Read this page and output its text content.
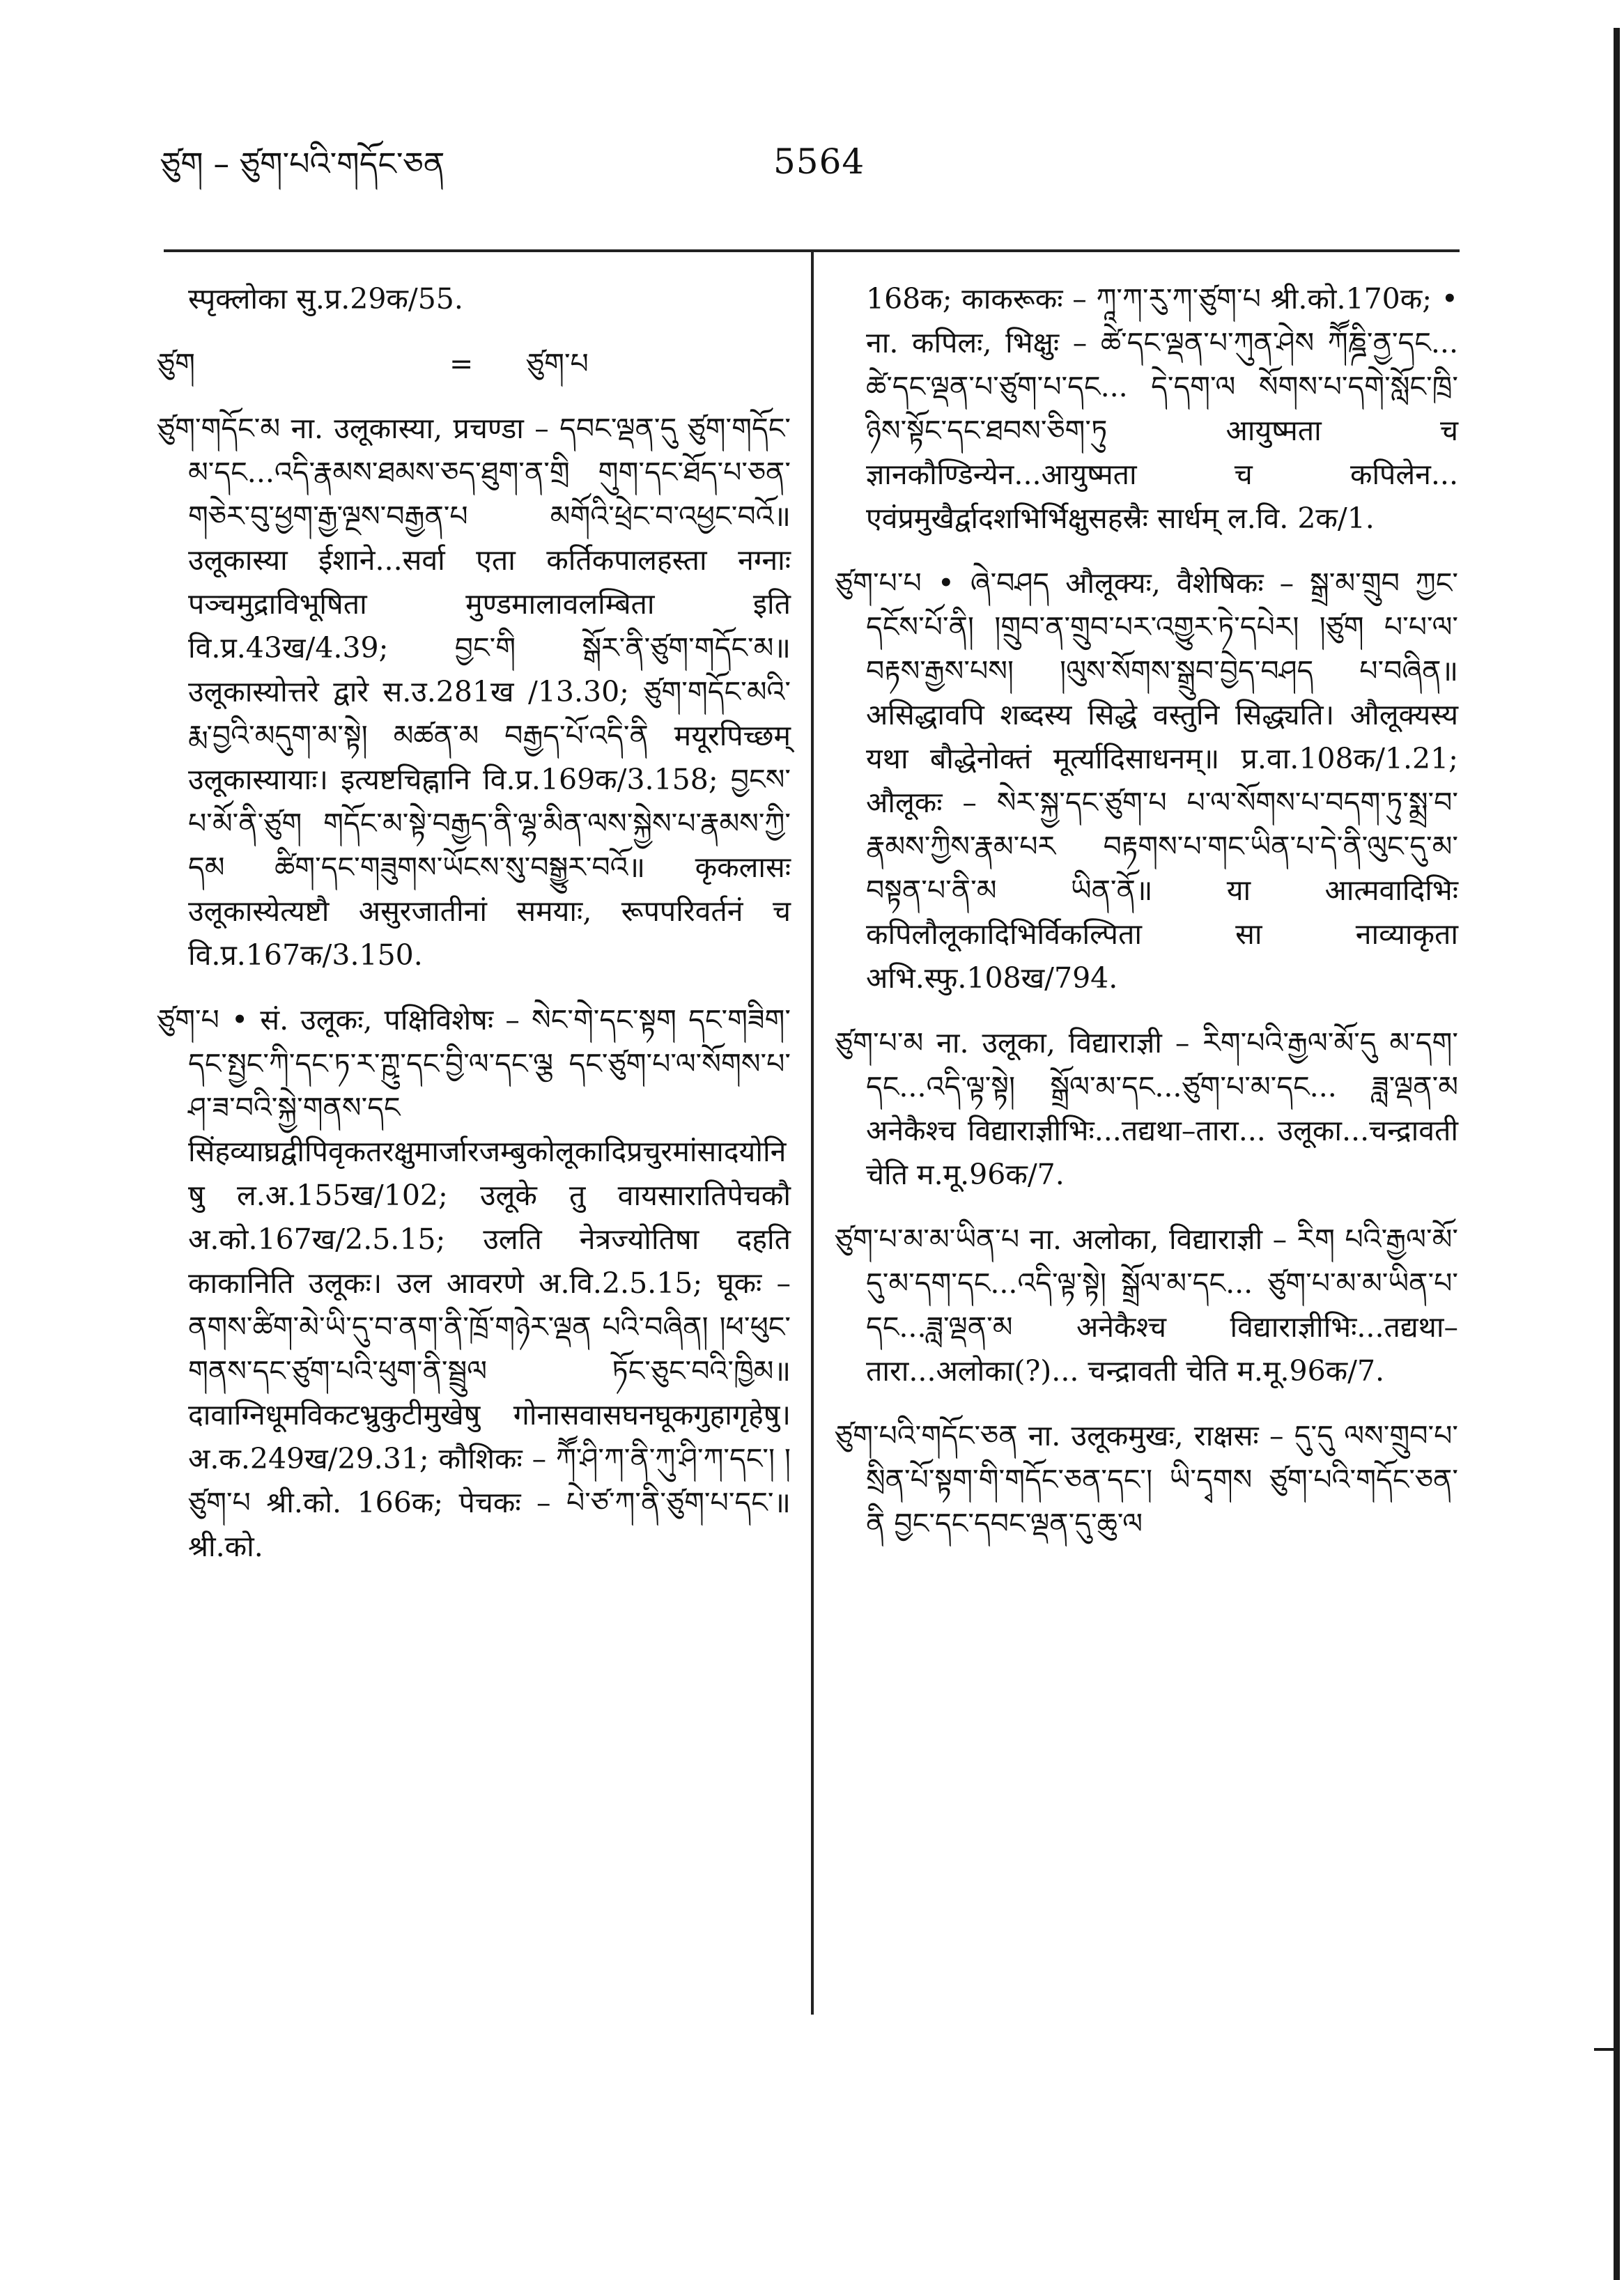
ཙུག – ཙུག་པའི་གདོང་ཅན	5564

स्पृक्लोका सु.प्र.29क/55.

ཙུག	=	ཙུག་པ

ཙུག་གདོང་མ ना. उलूकास्या, प्रचण्डा – དབང་ལྡན་དུ ཙུག་གདོང་མ་དང...འདི་རྣམས་ཐམས་ཅད་ཐུག་ན་གྲི གུག་དང་ཐོད་པ་ཅན་གཅེར་བུ་ཕྱག་རྒྱ་ལྔས་བརྒྱན་པ མགོའི་ཕྲེང་བ་འཕྱང་བའོ॥ उलूकास्या ईशाने...सर्वा एता कर्तिकपालहस्ता नग्नाः पञ्चमुद्राविभूषिता मुण्डमालावलम्बिता इति वि.प्र.43ख/4.39; བྱང་གི སྒོར་ནི་ཙུག་གདོང་མ॥ उलूकास्योत्तरे द्वारे स.उ.281ख /13.30; ཙུག་གདོང་མའི་རྨ་བྱའི་མདུག་མ་སྟེ། མཚན་མ བརྒྱད་པོ་འདི་ནི मयूरपिच्छम् उलूकास्यायाः। इत्यष्टचिह्नानि वि.प्र.169क/3.158; བྱངས་པ་མོ་ནི་ཙུག གདོང་མ་སྟེ་བརྒྱད་ནི་ལྷ་མིན་ལས་སྐྱེས་པ་རྣམས་ཀྱི་དམ ཚིག་དང་གཟུགས་ཡོངས་སུ་བསྒྱུར་བའོ॥ कृकलासः उलूकास्येत्यष्टौ असुरजातीनां समयाः, रूपपरिवर्तनं च वि.प्र.167क/3.150.

ཙུག་པ • सं. उलूकः, पक्षिविशेषः – སེང་གེ་དང་སྟག དང་གཟིག་དང་སྤྱང་ཀི་དང་ཏ་ར་ཀྵུ་དང་བྱི་ལ་དང་ལྕ དང་ཙུག་པ་ལ་སོགས་པ་ཤ་ཟ་བའི་སྐྱེ་གནས་དང सिंहव्याघ्रद्वीपिवृकतरक्षुमार्जारजम्बुकोलूकादिप्रचुरमांसादयोनिषु ल.अ.155ख/102; उलूके तु वायसारातिपेचकौ अ.को.167ख/2.5.15; उलति नेत्रज्योतिषा दहति काकानिति उलूकः। उल आवरणे अ.वि.2.5.15; घूकः – ནགས་ཚིག་མེ་ཡི་དུ་བ་ནག་ནི་ཁྲོ་གཉེར་ལྡན པའི་བཞིན། །ཕ་ཕུང་གནས་དང་ཙུག་པའི་ཕུག་ནི་སྦྲུལ ཏོང་ཅུང་བའི་ཁྱིམ॥ दावाग्निधूमविकटभ्रुकुटीमुखेषु गोनासवासघनघूकगुहागृहेषु। अ.क.249ख/29.31; कौशिकः – ཀཽ་ཤི་ཀ་ནི་ཀུ་ཤི་ཀ་དང་། །ཙུག་པ श्री.को. 166क; पेचकः – པེ་ཙ་ཀ་ནི་ཙུག་པ་དང་॥ श्री.को.

168क; काकरूकः – ཀཱ་ཀ་རུ་ཀ་ཙུག་པ श्री.को.170क; • ना. कपिलः, भिक्षुः – ཚེ་དང་ལྡན་པ་ཀུན་ཤེས ཀཽཎྜི་ནྱ་དང... ཚེ་དང་ལྡན་པ་ཙུག་པ་དང... དེ་དག་ལ སོགས་པ་དགེ་སློང་ཁྲི་ཉིས་སྟོང་དང་ཐབས་ཅིག་ཏུ आयुष्मता च ज्ञानकौण्डिन्येन...आयुष्मता च कपिलेन... एवंप्रमुखैर्द्वादशभिर्भिक्षुसहस्रैः सार्धम् ल.वि. 2क/1.

ཙུག་པ་པ • ཞེ་བཤད औलूक्यः, वैशेषिकः – སྒྲ་མ་གྲུབ ཀྱང་དངོས་པོ་ནི། །གྲུབ་ན་གྲུབ་པར་འགྱུར་ཏེ་དཔེར། །ཙུག པ་པ་ལ་བརྟས་རྒྱས་པས། །ལུས་སོགས་སྒྲུབ་བྱེད་བཤད པ་བཞིན॥ असिद्धावपि शब्दस्य सिद्धे वस्तुनि सिद्ध्यति। औलूक्यस्य यथा बौद्धेनोक्तं मूर्त्यादिसाधनम्॥ प्र.वा.108क/1.21; औलूकः – སེར་སྐྱ་དང་ཙུག་པ པ་ལ་སོགས་པ་བདག་ཏུ་སྨྲ་བ་རྣམས་ཀྱིས་རྣམ་པར བརྟགས་པ་གང་ཡིན་པ་དེ་ནི་ལུང་དུ་མ་བསྟན་པ་ནི་མ ཡིན་ནོ॥ या आत्मवादिभिः कपिलौलूकादिभिर्विकल्पिता सा नाव्याकृता अभि.स्फु.108ख/794.

ཙུག་པ་མ ना. उलूका, विद्याराज्ञी – རིག་པའི་རྒྱལ་མོ་དུ མ་དག་དང...འདི་ལྟ་སྟེ། སྒྲོལ་མ་དང...ཙུག་པ་མ་དང... ཟླ་ལྡན་མ अनेकैश्च विद्याराज्ञीभिः...तद्यथा–तारा... उलूका...चन्द्रावती चेति म.मू.96क/7.

ཙུག་པ་མ་མ་ཡིན་པ ना. अलोका, विद्याराज्ञी – རིག པའི་རྒྱལ་མོ་དུ་མ་དག་དང...འདི་ལྟ་སྟེ། སྒྲོལ་མ་དང... ཙུག་པ་མ་མ་ཡིན་པ་དང...ཟླ་ལྡན་མ अनेकैश्च विद्याराज्ञीभिः...तद्यथा–तारा...अलोका(?)... चन्द्रावती चेति म.मू.96क/7.

ཙུག་པའི་གདོང་ཅན ना. उलूकमुखः, राक्षसः – དུ་དུ ལས་གྲུབ་པ་སྲིན་པོ་སྟག་གི་གདོང་ཅན་དང་། ཡི་དྭགས ཙུག་པའི་གདོང་ཅན་ནི བྱང་དང་དབང་ལྡན་དུ་ཆུ་ལ
